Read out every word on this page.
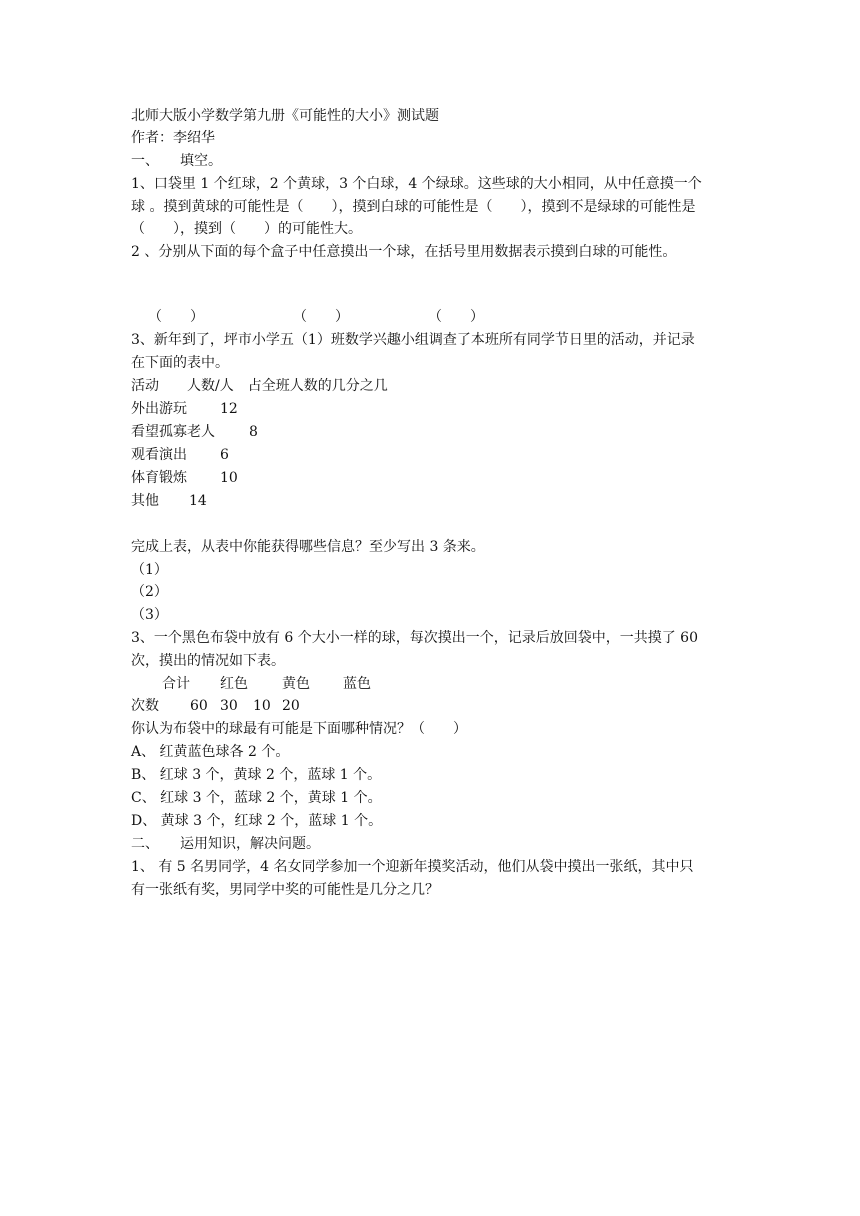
北师大版小学数学第九册《可能性的大小》测试题
作者：李绍华
一、　　填空。
1、口袋里 1 个红球，2 个黄球，3 个白球，4 个绿球。这些球的大小相同，从中任意摸一个
球 。摸到黄球的可能性是（　　），摸到白球的可能性是（　　），摸到不是绿球的可能性是
（　　），摸到（　　）的可能性大。
2 、分别从下面的每个盒子中任意摸出一个球，在括号里用数据表示摸到白球的可能性。
（　　）	（　　）	（　　）
3、新年到了，坪市小学五（1）班数学兴趣小组调查了本班所有同学节日里的活动，并记录
在下面的表中。
活动　　人数/人　占全班人数的几分之几
外出游玩 12
看望孤寡老人 8
观看演出 6
体育锻炼 10
其他 14
完成上表，从表中你能获得哪些信息？至少写出 3 条来。
（1）
（2）
（3）
3、一个黑色布袋中放有 6 个大小一样的球，每次摸出一个，记录后放回袋中，一共摸了 60
次，摸出的情况如下表。
合计 红色 黄色 蓝色
次数 60 30 10 20
你认为布袋中的球最有可能是下面哪种情况？（　　）
A、 红黄蓝色球各 2 个。
B、 红球 3 个，黄球 2 个，蓝球 1 个。
C、 红球 3 个，蓝球 2 个，黄球 1 个。
D、 黄球 3 个，红球 2 个，蓝球 1 个。
二、　　运用知识，解决问题。
1、 有 5 名男同学，4 名女同学参加一个迎新年摸奖活动，他们从袋中摸出一张纸，其中只
有一张纸有奖，男同学中奖的可能性是几分之几？
